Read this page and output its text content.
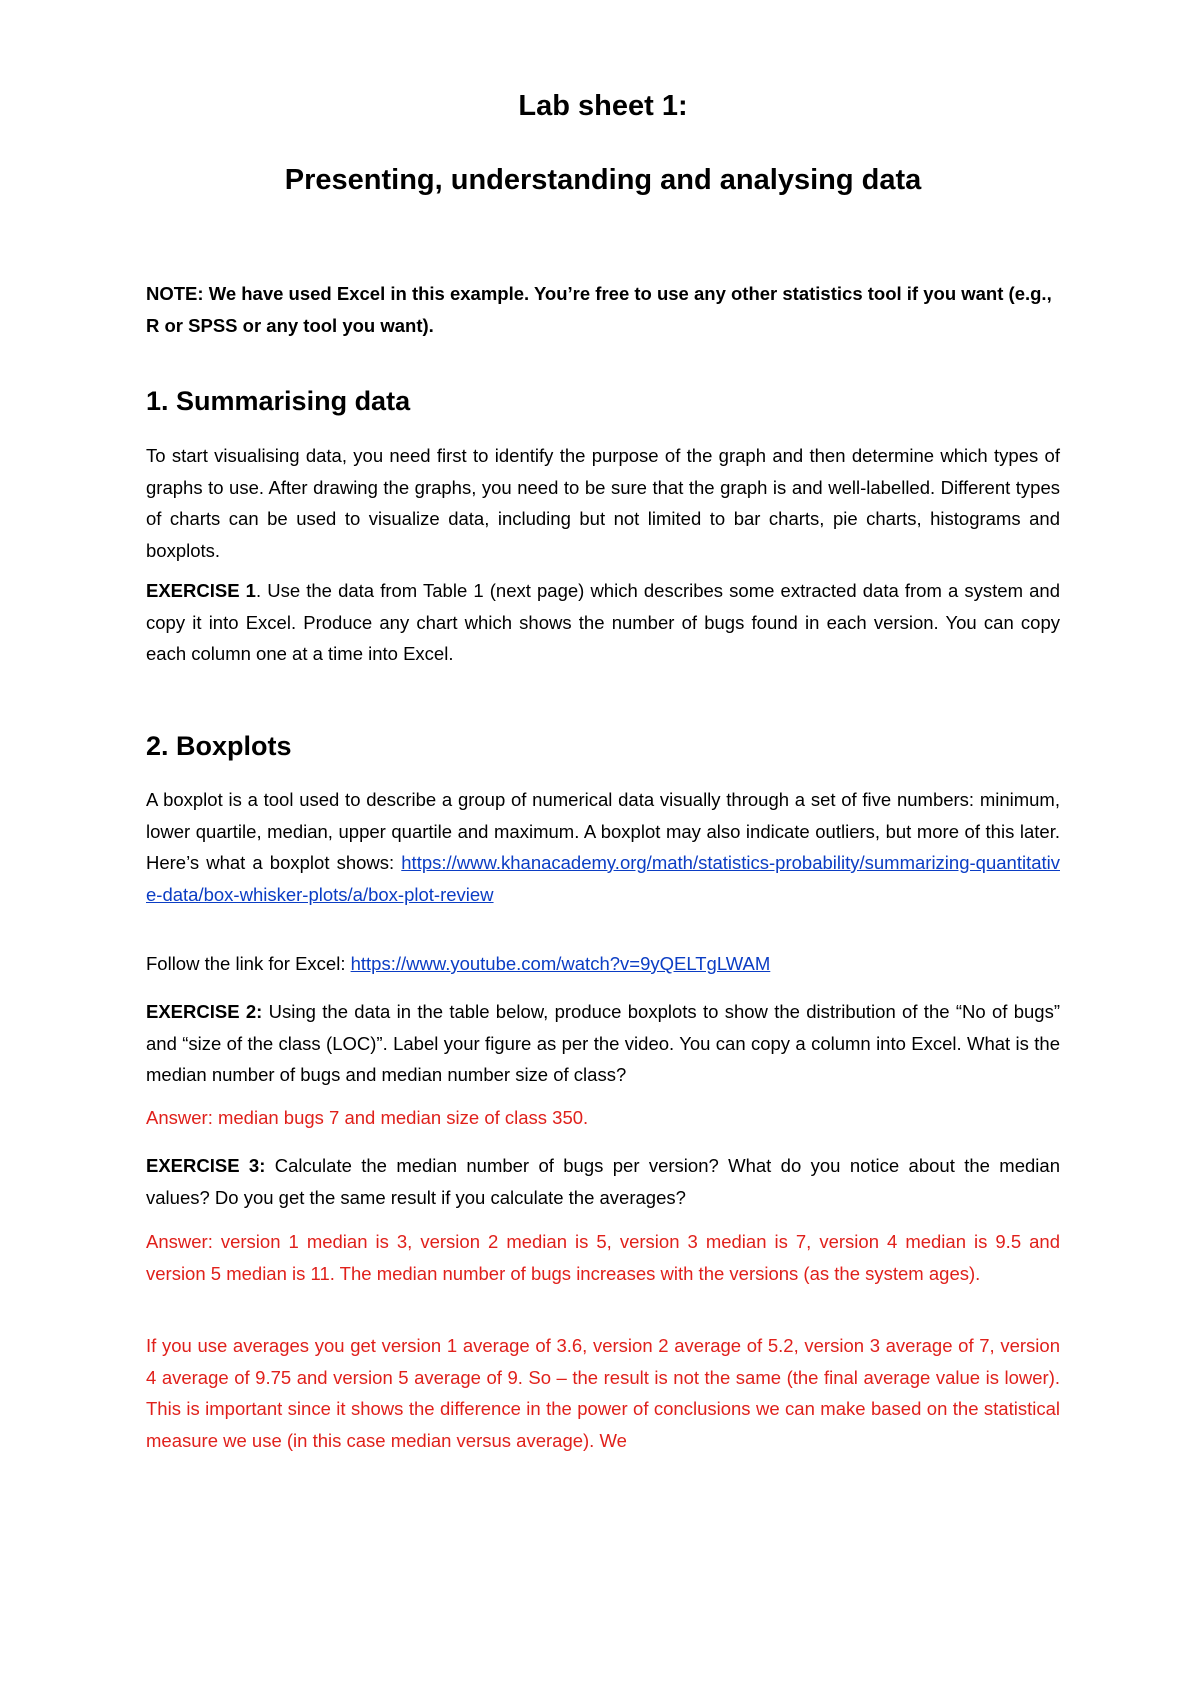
Lab sheet 1:
Presenting, understanding and analysing data

NOTE: We have used Excel in this example. You’re free to use any other statistics tool if you want (e.g., R or SPSS or any tool you want).

1. Summarising data

To start visualising data, you need first to identify the purpose of the graph and then determine which types of graphs to use. After drawing the graphs, you need to be sure that the graph is and well-labelled. Different types of charts can be used to visualize data, including but not limited to bar charts, pie charts, histograms and boxplots.

EXERCISE 1. Use the data from Table 1 (next page) which describes some extracted data from a system and copy it into Excel. Produce any chart which shows the number of bugs found in each version. You can copy each column one at a time into Excel.

2. Boxplots

A boxplot is a tool used to describe a group of numerical data visually through a set of five numbers: minimum, lower quartile, median, upper quartile and maximum. A boxplot may also indicate outliers, but more of this later. Here’s what a boxplot shows: https://www.khanacademy.org/math/statistics-probability/summarizing-quantitative-data/box-whisker-plots/a/box-plot-review

Follow the link for Excel: https://www.youtube.com/watch?v=9yQELTgLWAM

EXERCISE 2: Using the data in the table below, produce boxplots to show the distribution of the “No of bugs” and “size of the class (LOC)”. Label your figure as per the video. You can copy a column into Excel. What is the median number of bugs and median number size of class?

Answer: median bugs 7 and median size of class 350.

EXERCISE 3: Calculate the median number of bugs per version? What do you notice about the median values? Do you get the same result if you calculate the averages?

Answer: version 1 median is 3, version 2 median is 5, version 3 median is 7, version 4 median is 9.5 and version 5 median is 11. The median number of bugs increases with the versions (as the system ages).

If you use averages you get version 1 average of 3.6, version 2 average of 5.2, version 3 average of 7, version 4 average of 9.75 and version 5 average of 9. So – the result is not the same (the final average value is lower). This is important since it shows the difference in the power of conclusions we can make based on the statistical measure we use (in this case median versus average). We
